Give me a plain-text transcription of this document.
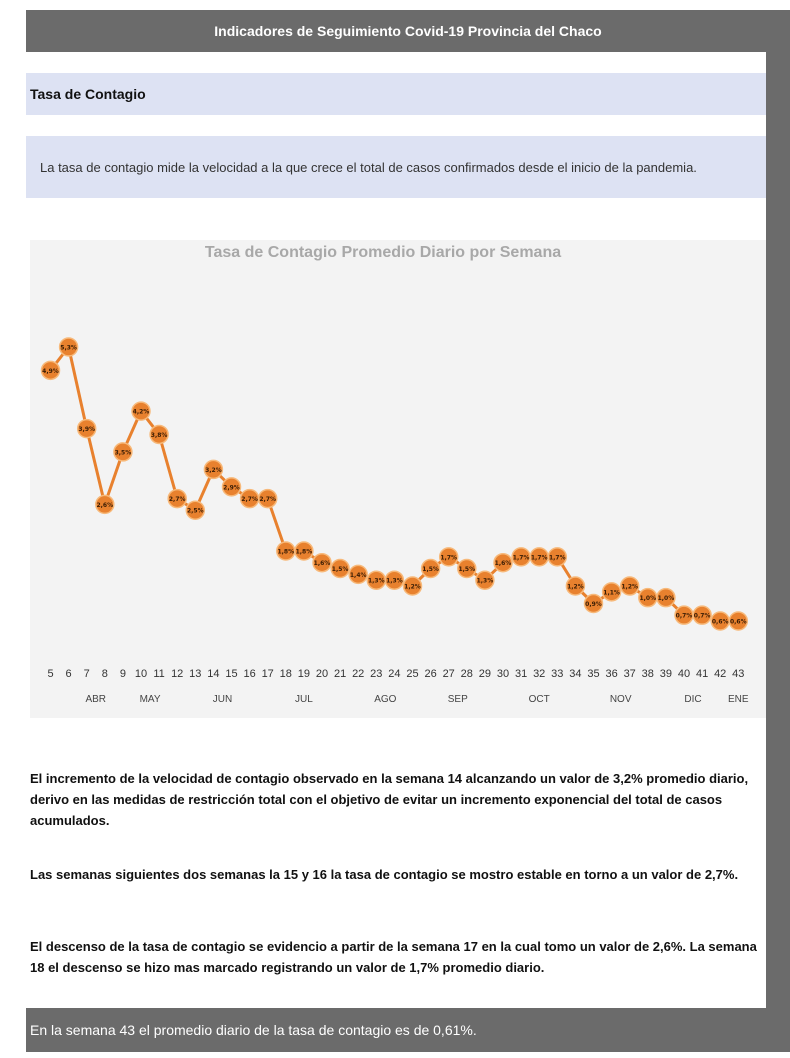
Indicadores de Seguimiento Covid-19 Provincia del Chaco
Tasa de Contagio
La tasa de contagio mide la velocidad a la que crece el total de casos confirmados desde el inicio de la pandemia.
Tasa de Contagio Promedio Diario por Semana
4,9%
5
5,3%
6
3,9%
7
2,6%
8
3,5%
9
4,2%
10
3,8%
11
2,7%
12
2,5%
13
3,2%
14
2,9%
15
2,7%
16
2,7%
17
1,8%
18
1,8%
19
1,6%
20
1,5%
21
1,4%
22
1,3%
23
1,3%
24
1,2%
25
1,5%
26
1,7%
27
1,5%
28
1,3%
29
1,6%
30
1,7%
31
1,7%
32
1,7%
33
1,2%
34
0,9%
35
1,1%
36
1,2%
37
1,0%
38
1,0%
39
0,7%
40
0,7%
41
0,6%
42
0,6%
43
ABR	MAY	JUN	JUL	AGO	SEP	OCT	NOV	DIC	ENE
El incremento de la velocidad de contagio observado en la semana 14 alcanzando un valor de 3,2% promedio diario, derivo en las medidas de restricción total con el objetivo de evitar un incremento exponencial del total de casos acumulados.
Las semanas siguientes dos semanas la 15 y 16 la tasa de contagio se mostro estable en torno a un valor de 2,7%.
El descenso de la tasa de contagio se evidencio a partir de la semana 17 en la cual tomo un valor de 2,6%. La semana 18 el descenso se hizo mas marcado registrando un valor de 1,7% promedio diario.
En la semana 43 el promedio diario de la tasa de contagio es de 0,61%.
